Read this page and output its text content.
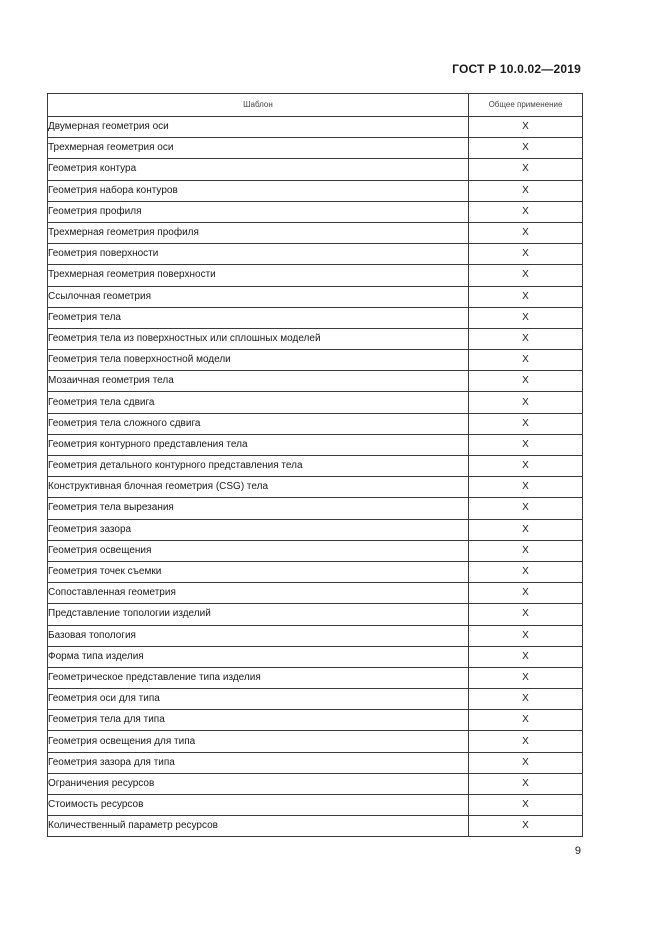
ГОСТ Р 10.0.02—2019
Шаблон	Общее применение
Двумерная геометрия оси	X
Трехмерная геометрия оси	X
Геометрия контура	X
Геометрия набора контуров	X
Геометрия профиля	X
Трехмерная геометрия профиля	X
Геометрия поверхности	X
Трехмерная геометрия поверхности	X
Ссылочная геометрия	X
Геометрия тела	X
Геометрия тела из поверхностных или сплошных моделей	X
Геометрия тела поверхностной модели	X
Мозаичная геометрия тела	X
Геометрия тела сдвига	X
Геометрия тела сложного сдвига	X
Геометрия контурного представления тела	X
Геометрия детального контурного представления тела	X
Конструктивная блочная геометрия (CSG) тела	X
Геометрия тела вырезания	X
Геометрия зазора	X
Геометрия освещения	X
Геометрия точек съемки	X
Сопоставленная геометрия	X
Представление топологии изделий	X
Базовая топология	X
Форма типа изделия	X
Геометрическое представление типа изделия	X
Геометрия оси для типа	X
Геометрия тела для типа	X
Геометрия освещения для типа	X
Геометрия зазора для типа	X
Ограничения ресурсов	X
Стоимость ресурсов	X
Количественный параметр ресурсов	X
9
